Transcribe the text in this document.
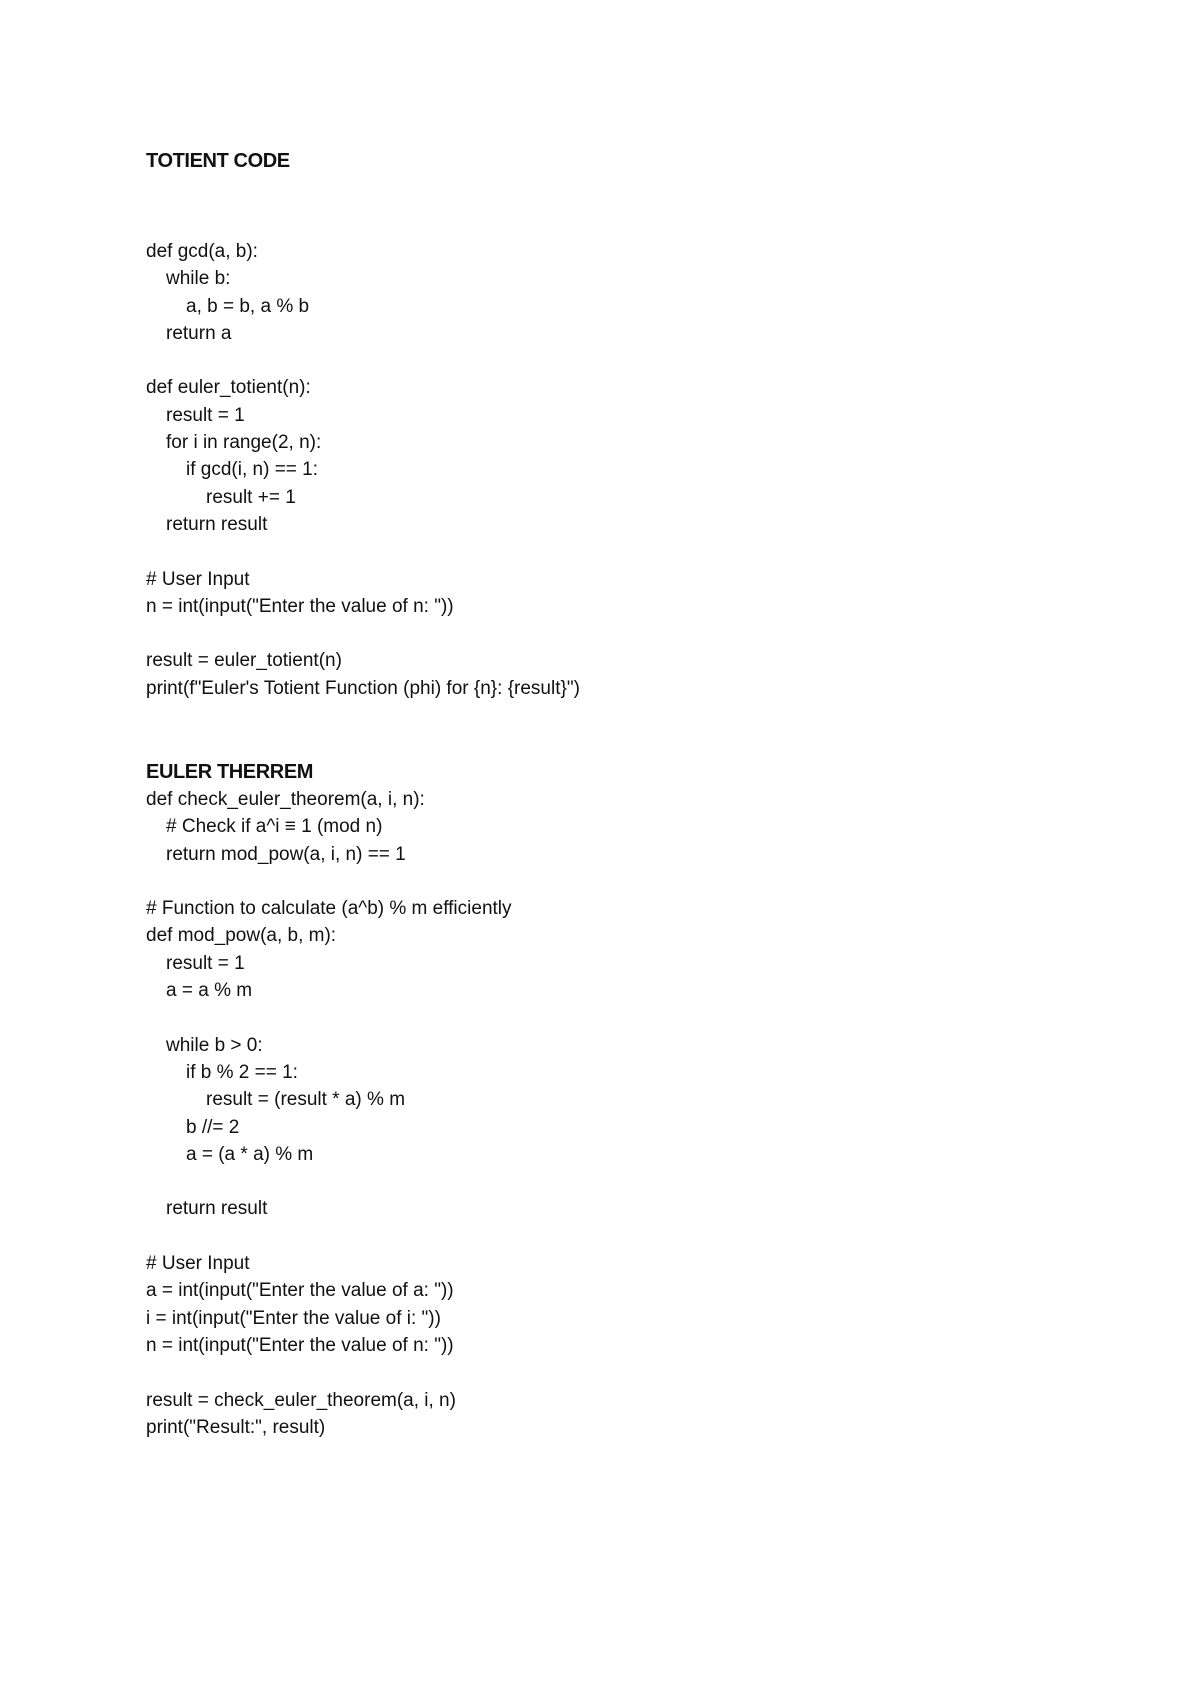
TOTIENT CODE
def gcd(a, b):
while b:
a, b = b, a % b
return a
def euler_totient(n):
result = 1
for i in range(2, n):
if gcd(i, n) == 1:
result += 1
return result
# User Input
n = int(input("Enter the value of n: "))
result = euler_totient(n)
print(f"Euler's Totient Function (phi) for {n}: {result}")
EULER THERREM
def check_euler_theorem(a, i, n):
# Check if a^i ≡ 1 (mod n)
return mod_pow(a, i, n) == 1
# Function to calculate (a^b) % m efficiently
def mod_pow(a, b, m):
result = 1
a = a % m
while b > 0:
if b % 2 == 1:
result = (result * a) % m
b //= 2
a = (a * a) % m
return result
# User Input
a = int(input("Enter the value of a: "))
i = int(input("Enter the value of i: "))
n = int(input("Enter the value of n: "))
result = check_euler_theorem(a, i, n)
print("Result:", result)
